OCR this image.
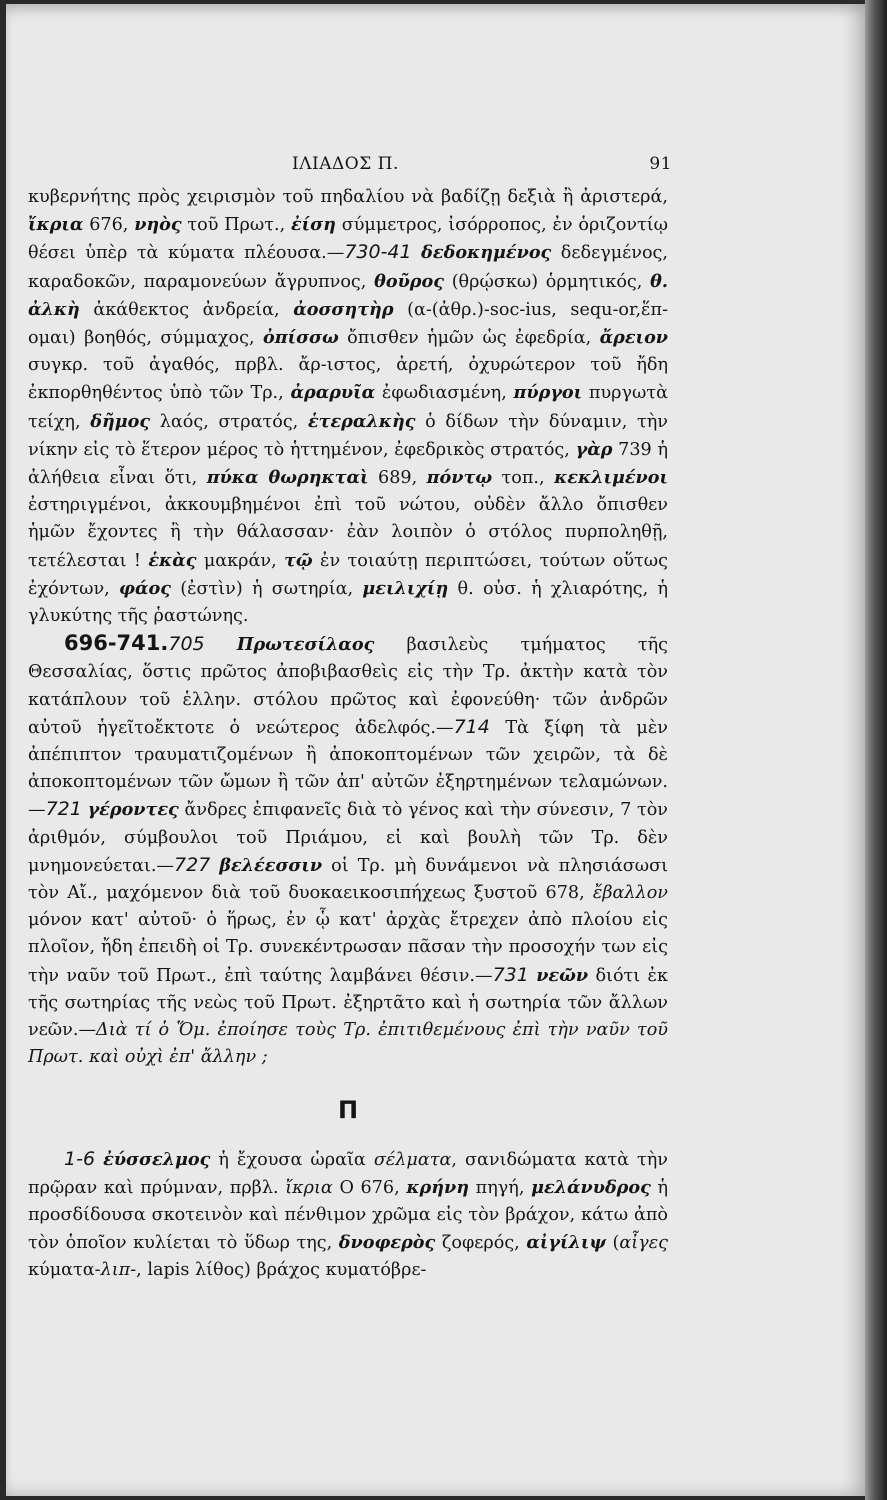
ΙΛΙΑΔΟΣ Π.	91

κυβερνήτης πρὸς χειρισμὸν τοῦ πηδαλίου νὰ βαδίζῃ δεξιὰ ἢ ἀριστερά, ἴκρια 676, νηὸς τοῦ Πρωτ., ἐίση σύμμετρος, ἰσόρροπος, ἐν ὁριζοντίῳ θέσει ὑπὲρ τὰ κύματα πλέουσα.—730-41 δεδοκημένος δεδεγμένος, καραδοκῶν, παραμονεύων ἄγρυπνος, θοῦρος (θρῴσκω) ὁρμητικός, θ. ἀλκὴ ἀκάθεκτος ἀνδρεία, ἀοσσητὴρ (α-(ἀθρ.)-soc-ius, sequ-or,ἕπ-ομαι) βοηθός, σύμμαχος, ὀπίσσω ὄπισθεν ἡμῶν ὡς ἐφεδρία, ἄρειον συγκρ. τοῦ ἀγαθός, πρβλ. ἄρ-ιστος, ἀρετή, ὀχυρώτερον τοῦ ἤδη ἐκπορθηθέντος ὑπὸ τῶν Τρ., ἀραρυῖα ἐφωδιασμένη, πύργοι πυργωτὰ τείχη, δῆμος λαός, στρατός, ἑτεραλκὴς ὁ δίδων τὴν δύναμιν, τὴν νίκην εἰς τὸ ἕτερον μέρος τὸ ἡττημένον, ἐφεδρικὸς στρατός, γὰρ 739 ἡ ἀλήθεια εἶναι ὅτι, πύκα θωρηκταὶ 689, πόντῳ τοπ., κεκλιμένοι ἐστηριγμένοι, ἀκκουμβημένοι ἐπὶ τοῦ νώτου, οὐδὲν ἄλλο ὄπισθεν ἡμῶν ἔχοντες ἢ τὴν θάλασσαν· ἐὰν λοιπὸν ὁ στόλος πυρποληθῇ, τετέλεσται ! ἑκὰς μακράν, τῷ ἐν τοιαύτῃ περιπτώσει, τούτων οὕτως ἐχόντων, φάος (ἐστὶν) ἡ σωτηρία, μειλιχίῃ θ. οὐσ. ἡ χλιαρότης, ἡ γλυκύτης τῆς ῥαστώνης.

696-741.705 Πρωτεσίλαος βασιλεὺς τμήματος τῆς Θεσσαλίας, ὅστις πρῶτος ἀποβιβασθεὶς εἰς τὴν Τρ. ἀκτὴν κατὰ τὸν κατάπλουν τοῦ ἑλλην. στόλου πρῶτος καὶ ἐφονεύθη· τῶν ἀνδρῶν αὐτοῦ ἡγεῖτοἔκτοτε ὁ νεώτερος ἀδελφός.—714 Τὰ ξίφη τὰ μὲν ἀπέπιπτον τραυματιζομένων ἢ ἀποκοπτομένων τῶν χειρῶν, τὰ δὲ ἀποκοπτομένων τῶν ὤμων ἢ τῶν ἀπ' αὐτῶν ἐξηρτημένων τελαμώνων.—721 γέροντες ἄνδρες ἐπιφανεῖς διὰ τὸ γένος καὶ τὴν σύνεσιν, 7 τὸν ἀριθμόν, σύμβουλοι τοῦ Πριάμου, εἰ καὶ βουλὴ τῶν Τρ. δὲν μνημονεύεται.—727 βελέεσσιν οἱ Τρ. μὴ δυνάμενοι νὰ πλησιάσωσι τὸν Αἴ., μαχόμενον διὰ τοῦ δυοκαεικοσιπήχεως ξυστοῦ 678, ἔβαλλον μόνον κατ' αὐτοῦ· ὁ ἥρως, ἐν ᾧ κατ' ἀρχὰς ἔτρεχεν ἀπὸ πλοίου εἰς πλοῖον, ἤδη ἐπειδὴ οἱ Τρ. συνεκέντρωσαν πᾶσαν τὴν προσοχήν των εἰς τὴν ναῦν τοῦ Πρωτ., ἐπὶ ταύτης λαμβάνει θέσιν.—731 νεῶν διότι ἐκ τῆς σωτηρίας τῆς νεὼς τοῦ Πρωτ. ἐξηρτᾶτο καὶ ἡ σωτηρία τῶν ἄλλων νεῶν.—Διὰ τί ὁ Ὅμ. ἐποίησε τοὺς Τρ. ἐπιτιθεμένους ἐπὶ τὴν ναῦν τοῦ Πρωτ. καὶ οὐχὶ ἐπ' ἄλλην ;

Π

1-6 ἐύσσελμος ἡ ἔχουσα ὡραῖα σέλματα, σανιδώματα κατὰ τὴν πρῷραν καὶ πρύμναν, πρβλ. ἴκρια Ο 676, κρήνη πηγή, μελάνυδρος ἡ προσδίδουσα σκοτεινὸν καὶ πένθιμον χρῶμα εἰς τὸν βράχον, κάτω ἀπὸ τὸν ὁποῖον κυλίεται τὸ ὕδωρ της, δνοφερὸς ζοφερός, αἰγίλιψ (αἶγες κύματα-λιπ-, lapis λίθος) βράχος κυματόβρε-
